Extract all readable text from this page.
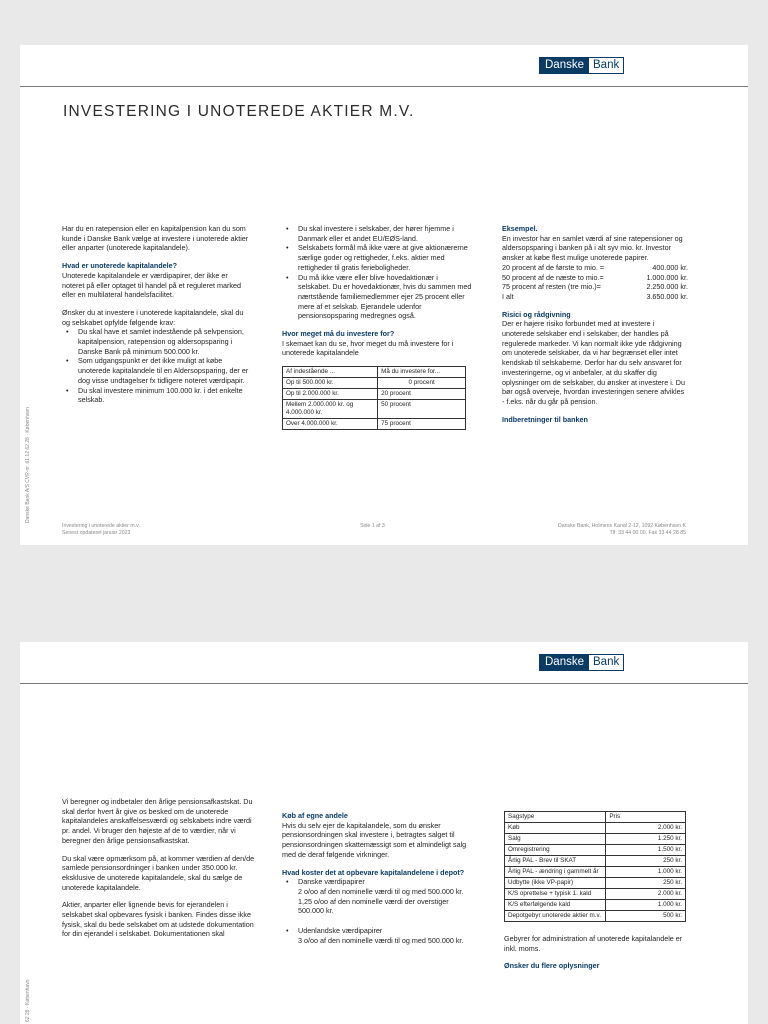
Danske Bank
INVESTERING I UNOTEREDE AKTIER M.V.
Danske Bank A/S CVR-nr. 61 12 62 28 · København

Har du en ratepension eller en kapitalpension kan du som kunde i Danske Bank vælge at investere i unoterede aktier eller anparter (unoterede kapitalandele).

Hvad er unoterede kapitalandele?

Unoterede kapitalandele er værdipapirer, der ikke er noteret på eller optaget til handel på et reguleret marked eller en multilateral handelsfacilitet.

Ønsker du at investere i unoterede kapitalandele, skal du og selskabet opfylde følgende krav:
• Du skal have et samlet indestående på selvpension, kapitalpension, ratepension og aldersopsparing i Danske Bank på minimum 500.000 kr.
• Som udgangspunkt er det ikke muligt at købe unoterede kapitalandele til en Aldersopsparing, der er dog visse undtagelser fx tidligere noteret værdipapir.
• Du skal investere minimum 100.000 kr. i det enkelte selskab.
• Du skal investere i selskaber, der hører hjemme i Danmark eller et andet EU/EØS-land.
• Selskabets formål må ikke være at give aktionærerne særlige goder og rettigheder, f.eks. aktier med rettigheder til gratis ferieboligheder.
• Du må ikke være eller blive hovedaktionær i selskabet. Du er hovedaktionær, hvis du sammen med nærtstående familiemedlemmer ejer 25 procent eller mere af et selskab. Ejerandele udenfor pensionsopsparing medregnes også.
Hvor meget må du investere for?

I skemaet kan du se, hvor meget du må investere for i unoterede kapitalandele

Af indestående ...	Må du investere for...
Op til 500.000 kr.	0 procent
Op til 2.000.000 kr.	20 procent
Mellem 2.000.000 kr. og 4.000.000 kr.	50 procent
Over 4.000.000 kr.	75 procent
Eksempel.
En investor har en samlet værdi af sine ratepensioner og aldersopsparing i banken på i alt syv mio. kr. Investor ønsker at købe flest mulige unoterede papirer.
20 procent af de første to mio. =	400.000 kr.
50 procent af de næste to mio.=	1.000.000 kr.
75 procent af resten (tre mio.)=	2.250.000 kr.
I alt	3.650.000 kr.
Risici og rådgivning

Der er højere risiko forbundet med at investere i unoterede selskaber end i selskaber, der handles på regulerede markeder. Vi kan normalt ikke yde rådgivning om unoterede selskaber, da vi har begrænset eller intet kendskab til selskaberne. Derfor har du selv ansvaret for investeringerne, og vi anbefaler, at du skaffer dig oplysninger om de selskaber, du ønsker at investere i. Du bør også overveje, hvordan investeringen senere afvikles - f.eks. når du går på pension.

Indberetninger til banken
Investering i unoterede aktier m.v.
Senest opdateret januar 2023
Side 1 af 3	Danske Bank, Holmens Kanal 2-12, 1092 København K
Tlf. 33 44 00 00, Fax 33 44 28 85
Danske Bank
62 28 · København

Vi beregner og indbetaler den årlige pensionsafkastskat. Du skal derfor hvert år give os besked om de unoterede kapitalandeles anskaffelsesværdi og selskabets indre værdi pr. andel. Vi bruger den højeste af de to værdier, når vi beregner den årlige pensionsafkastskat.

Du skal være opmærksom på, at kommer værdien af den/de samlede pensionsordninger i banken under 350.000 kr. eksklusive de unoterede kapitalandele, skal du sælge de unoterede kapitalandele.

Aktier, anparter eller lignende bevis for ejerandelen i selskabet skal opbevares fysisk i banken. Findes disse ikke fysisk, skal du bede selskabet om at udstede dokumentation for din ejerandel i selskabet. Dokumentationen skal

Køb af egne andele

Hvis du selv ejer de kapitalandele, som du ønsker pensionsordningen skal investere i, betragtes salget til pensionsordningen skattemæssigt som et almindeligt salg med de deraf følgende virkninger.

Hvad koster det at opbevare kapitalandelene i depot?
• Danske værdipapirer
2 o/oo af den nominelle værdi til og med 500.000 kr.
1,25 o/oo af den nominelle værdi der overstiger 500.000 kr.
• Udenlandske værdipapirer
3 o/oo af den nominelle værdi til og med 500.000 kr.
Sagstype	Pris
Køb	2.000 kr.
Salg	1.250 kr.
Omregistrering	1.500 kr.
Årlig PAL - Brev til SKAT	250 kr.
Årlig PAL - ændring i gammelt år	1.000 kr.
Udbytte (ikke VP-papir)	250 kr.
K/S oprettelse + typisk 1. kald	2.000 kr.
K/S efterfølgende kald	1.000 kr.
Depotgebyr unoterede aktier m.v.	500 kr.

Gebyrer for administration af unoterede kapitalandele er inkl. moms.

Ønsker du flere oplysninger
